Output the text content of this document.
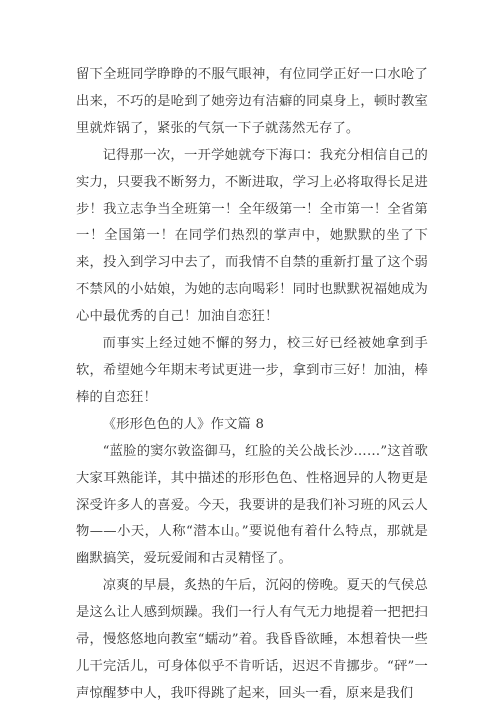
留下全班同学睁睁的不服气眼神，有位同学正好一口水呛了出来，不巧的是呛到了她旁边有洁癖的同桌身上，顿时教室里就炸锅了，紧张的气氛一下子就荡然无存了。

记得那一次，一开学她就夸下海口：我充分相信自己的实力，只要我不断努力，不断进取，学习上必将取得长足进步！我立志争当全班第一！全年级第一！全市第一！全省第一！全国第一！在同学们热烈的掌声中，她默默的坐了下来，投入到学习中去了，而我情不自禁的重新打量了这个弱不禁风的小姑娘，为她的志向喝彩！同时也默默祝福她成为心中最优秀的自己！加油自恋狂！

而事实上经过她不懈的努力，校三好已经被她拿到手软，希望她今年期末考试更进一步，拿到市三好！加油，棒棒的自恋狂！

《形形色色的人》作文篇 8

“蓝脸的窦尔敦盗御马，红脸的关公战长沙……”这首歌大家耳熟能详，其中描述的形形色色、性格迥异的人物更是深受许多人的喜爱。今天，我要讲的是我们补习班的风云人物——小天，人称“潜本山。”要说他有着什么特点，那就是幽默搞笑，爱玩爱闹和古灵精怪了。

凉爽的早晨，炙热的午后，沉闷的傍晚。夏天的气侯总是这么让人感到烦躁。我们一行人有气无力地提着一把把扫帚，慢悠悠地向教室“蠕动”着。我昏昏欲睡，本想着快一些儿干完活儿，可身体似乎不肯听话，迟迟不肯挪步。“砰”一声惊醒梦中人，我吓得跳了起来，回头一看，原来是我们
